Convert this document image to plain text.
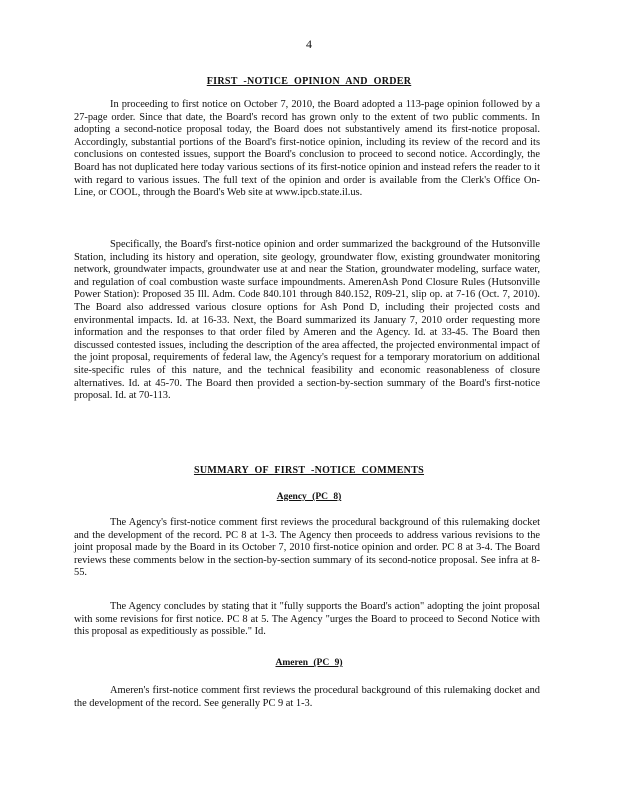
4
FIRST -NOTICE OPINION AND ORDER

In proceeding to first notice on October 7, 2010, the Board adopted a 113-page opinion followed by a 27-page order. Since that date, the Board's record has grown only to the extent of two public comments. In adopting a second-notice proposal today, the Board does not substantively amend its first-notice proposal. Accordingly, substantial portions of the Board's first-notice opinion, including its review of the record and its conclusions on contested issues, support the Board's conclusion to proceed to second notice. Accordingly, the Board has not duplicated here today various sections of its first-notice opinion and instead refers the reader to it with regard to various issues. The full text of the opinion and order is available from the Clerk's Office On-Line, or COOL, through the Board's Web site at www.ipcb.state.il.us.

Specifically, the Board's first-notice opinion and order summarized the background of the Hutsonville Station, including its history and operation, site geology, groundwater flow, existing groundwater monitoring network, groundwater impacts, groundwater use at and near the Station, groundwater modeling, surface water, and regulation of coal combustion waste surface impoundments. AmerenAsh Pond Closure Rules (Hutsonville Power Station): Proposed 35 Ill. Adm. Code 840.101 through 840.152, R09-21, slip op. at 7-16 (Oct. 7, 2010). The Board also addressed various closure options for Ash Pond D, including their projected costs and environmental impacts. Id. at 16-33. Next, the Board summarized its January 7, 2010 order requesting more information and the responses to that order filed by Ameren and the Agency. Id. at 33-45. The Board then discussed contested issues, including the description of the area affected, the projected environmental impact of the joint proposal, requirements of federal law, the Agency's request for a temporary moratorium on additional site-specific rules of this nature, and the technical feasibility and economic reasonableness of closure alternatives. Id. at 45-70. The Board then provided a section-by-section summary of the Board's first-notice proposal. Id. at 70-113.

SUMMARY OF FIRST -NOTICE COMMENTS
Agency (PC 8)

The Agency's first-notice comment first reviews the procedural background of this rulemaking docket and the development of the record. PC 8 at 1-3. The Agency then proceeds to address various revisions to the joint proposal made by the Board in its October 7, 2010 first-notice opinion and order. PC 8 at 3-4. The Board reviews these comments below in the section-by-section summary of its second-notice proposal. See infra at 8-55.

The Agency concludes by stating that it "fully supports the Board's action" adopting the joint proposal with some revisions for first notice. PC 8 at 5. The Agency "urges the Board to proceed to Second Notice with this proposal as expeditiously as possible." Id.

Ameren (PC 9)

Ameren's first-notice comment first reviews the procedural background of this rulemaking docket and the development of the record. See generally PC 9 at 1-3.
